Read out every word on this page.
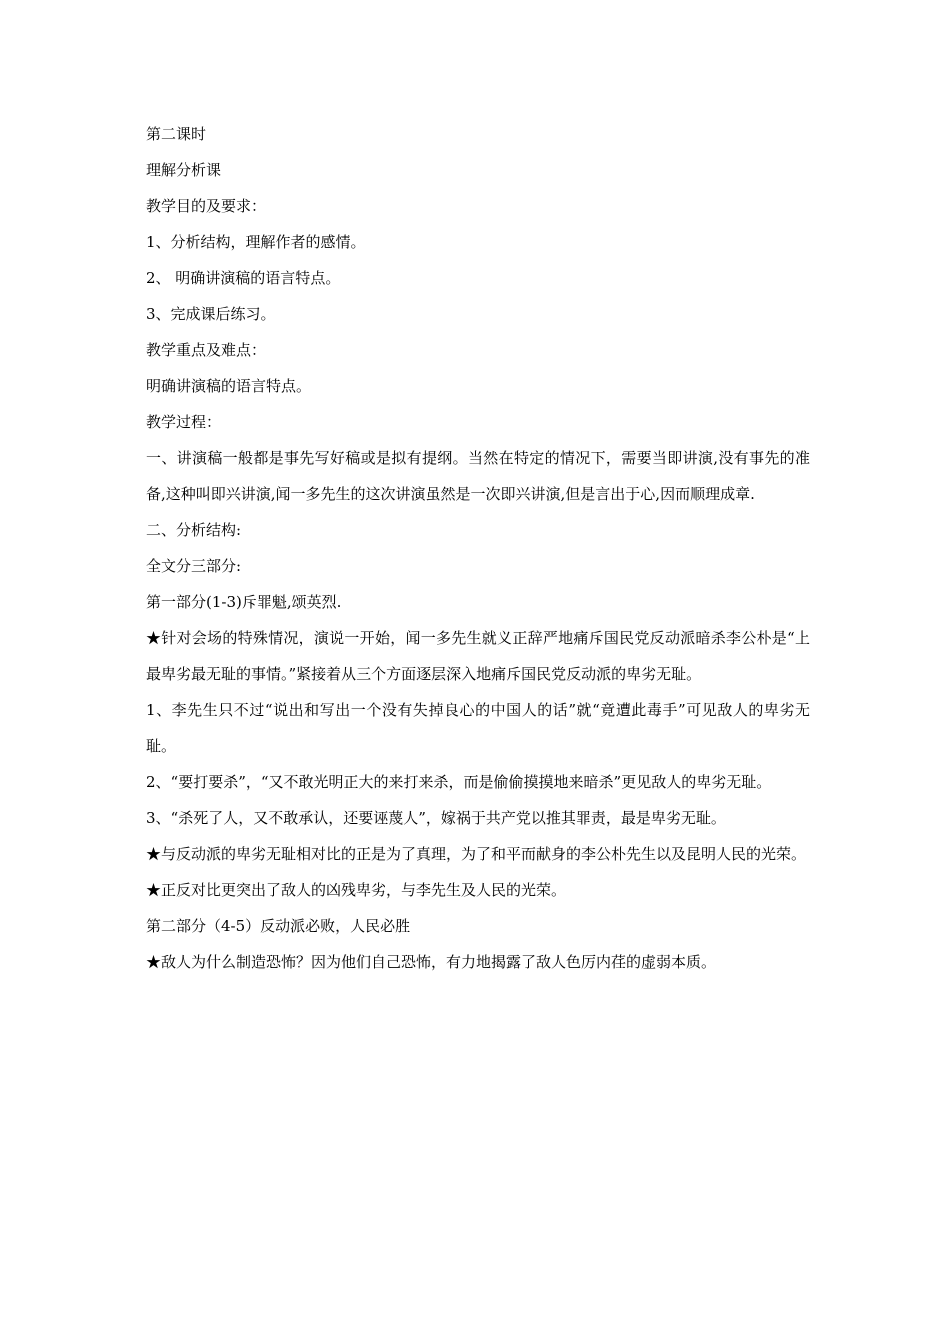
第二课时
理解分析课
教学目的及要求：
1、分析结构，理解作者的感情。
2、 明确讲演稿的语言特点。
3、完成课后练习。
教学重点及难点：
明确讲演稿的语言特点。
教学过程：
一、讲演稿一般都是事先写好稿或是拟有提纲。当然在特定的情况下，需要当即讲演,没有事先的准备,这种叫即兴讲演,闻一多先生的这次讲演虽然是一次即兴讲演,但是言出于心,因而顺理成章.
二、分析结构:
全文分三部分:
第一部分(1-3)斥罪魁,颂英烈.
★针对会场的特殊情况，演说一开始，闻一多先生就义正辞严地痛斥国民党反动派暗杀李公朴是“上最卑劣最无耻的事情。”紧接着从三个方面逐层深入地痛斥国民党反动派的卑劣无耻。
1、李先生只不过“说出和写出一个没有失掉良心的中国人的话”就“竟遭此毒手”可见敌人的卑劣无耻。
2、“要打要杀”，“又不敢光明正大的来打来杀，而是偷偷摸摸地来暗杀”更见敌人的卑劣无耻。
3、“杀死了人，又不敢承认，还要诬蔑人”，嫁祸于共产党以推其罪责，最是卑劣无耻。
★与反动派的卑劣无耻相对比的正是为了真理，为了和平而献身的李公朴先生以及昆明人民的光荣。
★正反对比更突出了敌人的凶残卑劣，与李先生及人民的光荣。
第二部分（4-5）反动派必败，人民必胜
★敌人为什么制造恐怖？因为他们自己恐怖，有力地揭露了敌人色厉内荏的虚弱本质。
